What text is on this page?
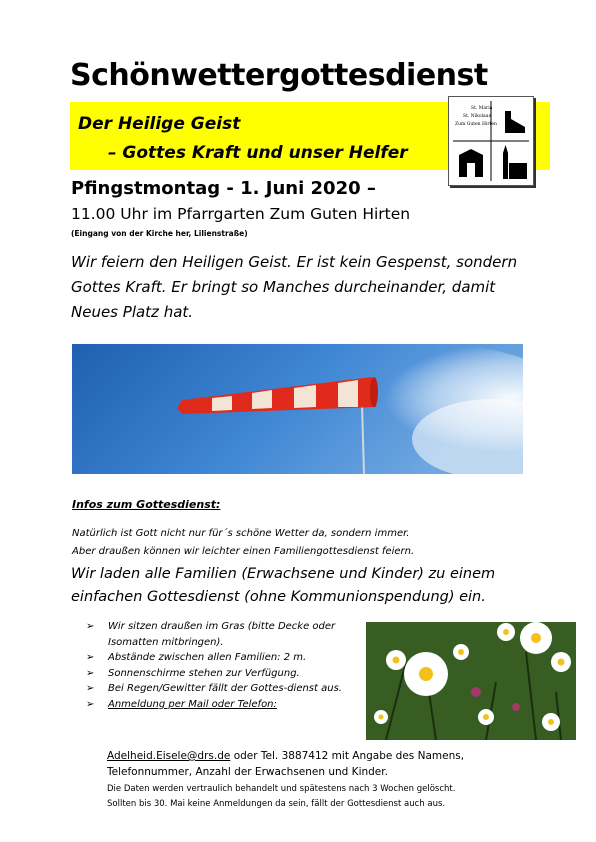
Schönwettergottesdienst
Der Heilige Geist
– Gottes Kraft und unser Helfer
St. Maria
St. Nikolaus
Zum Guten Hirten
Pfingstmontag - 1. Juni 2020 –
11.00 Uhr im Pfarrgarten Zum Guten Hirten
(Eingang von der Kirche her, Lilienstraße)
Wir feiern den Heiligen Geist. Er ist kein Gespenst, sondern Gottes Kraft. Er bringt so Manches durcheinander, damit Neues Platz hat.
Infos zum Gottesdienst:
Natürlich ist Gott nicht nur für´s schöne Wetter da, sondern immer.
Aber draußen können wir leichter einen Familiengottesdienst feiern.
Wir laden alle Familien (Erwachsene und Kinder) zu einem einfachen Gottesdienst (ohne Kommunionspendung) ein.
➢ Wir sitzen draußen im Gras (bitte Decke oder Isomatten mitbringen).
➢ Abstände zwischen allen Familien: 2 m.
➢ Sonnenschirme stehen zur Verfügung.
➢ Bei Regen/Gewitter fällt der Gottes-dienst aus.
➢ Anmeldung per Mail oder Telefon:
Adelheid.Eisele@drs.de oder Tel. 3887412 mit Angabe des Namens,
Telefonnummer, Anzahl der Erwachsenen und Kinder.
Die Daten werden vertraulich behandelt und spätestens nach 3 Wochen gelöscht.
Sollten bis 30. Mai keine Anmeldungen da sein, fällt der Gottesdienst auch aus.
